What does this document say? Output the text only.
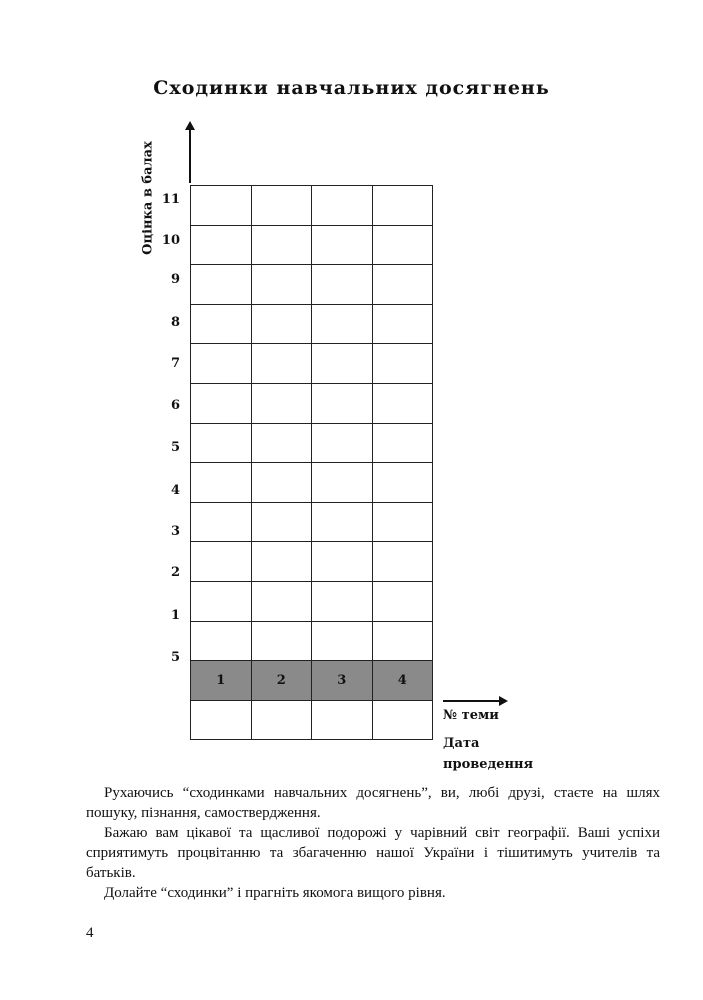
Сходинки навчальних досягнень
Оцінка в балах 11
10
9
8
7
6
5
4
3
2
1
5

1	2	3	4

№ теми
Дата
проведення

Рухаючись “сходинками навчальних досягнень”, ви, любі друзі, стаєте на шлях пошуку, пізнання, самоствердження.

Бажаю вам цікавої та щасливої подорожі у чарівний світ географії. Ваші успіхи сприятимуть процвітанню та збагаченню нашої України і тішитимуть учителів та батьків.

Долайте “сходинки” і прагніть якомога вищого рівня.

4
